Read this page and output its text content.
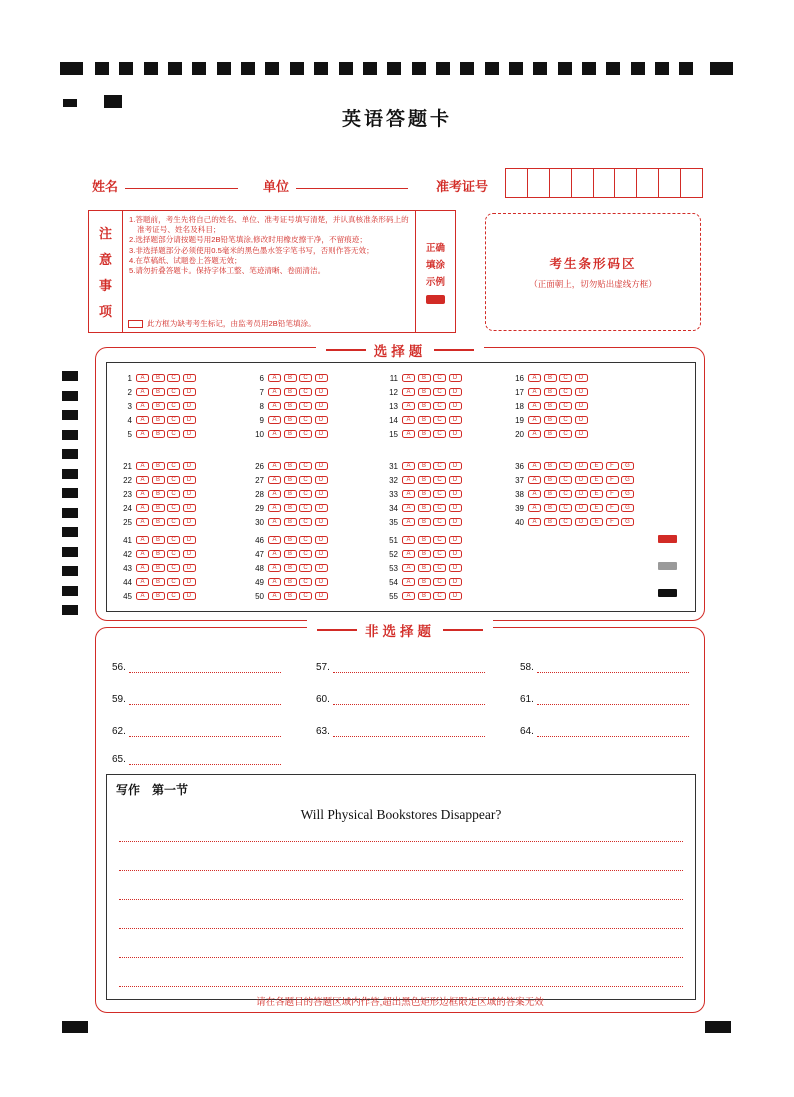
英语答题卡
姓名	单位	准考证号
注
意
事
项
1.答题前，考生先将自己的姓名、单位、准考证号填写清楚，并认真核准条形码上的准考证号、姓名及科目；
2.选择题部分请按题号用2B铅笔填涂,修改时用橡皮擦干净，不留痕迹；
3.非选择题部分必须使用0.5毫米的黑色墨水签字笔书写，否则作答无效；
4.在草稿纸、试题卷上答题无效；
5.请勿折叠答题卡。保持字体工整、笔迹清晰、卷面清洁。
此方框为缺考考生标记，由监考员用2B铅笔填涂。
正确
填涂
示例
考生条形码区
（正面朝上，切勿贴出虚线方框）
选择题
1	A	B	C	D
2	A	B	C	D
3	A	B	C	D
4	A	B	C	D
5	A	B	C	D
6	A	B	C	D
7	A	B	C	D
8	A	B	C	D
9	A	B	C	D
10	A	B	C	D
11	A	B	C	D
12	A	B	C	D
13	A	B	C	D
14	A	B	C	D
15	A	B	C	D
16	A	B	C	D
17	A	B	C	D
18	A	B	C	D
19	A	B	C	D
20	A	B	C	D
21	A	B	C	D
22	A	B	C	D
23	A	B	C	D
24	A	B	C	D
25	A	B	C	D
26	A	B	C	D
27	A	B	C	D
28	A	B	C	D
29	A	B	C	D
30	A	B	C	D
31	A	B	C	D
32	A	B	C	D
33	A	B	C	D
34	A	B	C	D
35	A	B	C	D
36	A	B	C	D	E	F	G
37	A	B	C	D	E	F	G
38	A	B	C	D	E	F	G
39	A	B	C	D	E	F	G
40	A	B	C	D	E	F	G
41	A	B	C	D
42	A	B	C	D
43	A	B	C	D
44	A	B	C	D
45	A	B	C	D
46	A	B	C	D
47	A	B	C	D
48	A	B	C	D
49	A	B	C	D
50	A	B	C	D
51	A	B	C	D
52	A	B	C	D
53	A	B	C	D
54	A	B	C	D
55	A	B	C	D
非选择题
56.	57.	58.
59.	60.	61.
62.	63.	64.
65.
写作　第一节
Will Physical Bookstores Disappear?
请在各题目的答题区域内作答,超出黑色矩形边框限定区域的答案无效
